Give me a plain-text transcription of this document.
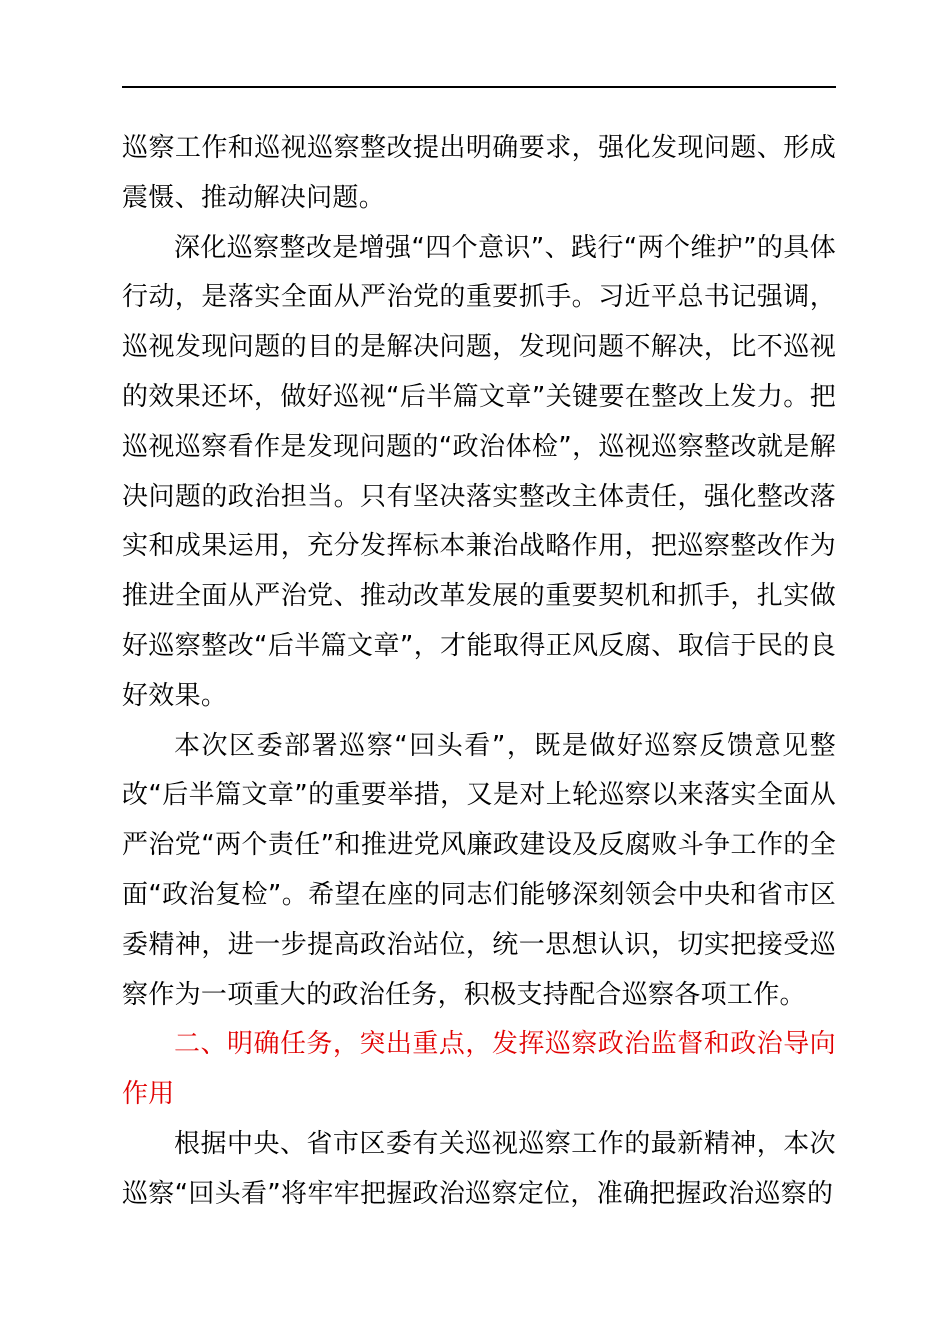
巡察工作和巡视巡察整改提出明确要求，强化发现问题、形成震慑、推动解决问题。

深化巡察整改是增强“四个意识”、践行“两个维护”的具体行动，是落实全面从严治党的重要抓手。习近平总书记强调，巡视发现问题的目的是解决问题，发现问题不解决，比不巡视的效果还坏，做好巡视“后半篇文章”关键要在整改上发力。把巡视巡察看作是发现问题的“政治体检”，巡视巡察整改就是解决问题的政治担当。只有坚决落实整改主体责任，强化整改落实和成果运用，充分发挥标本兼治战略作用，把巡察整改作为推进全面从严治党、推动改革发展的重要契机和抓手，扎实做好巡察整改“后半篇文章”，才能取得正风反腐、取信于民的良好效果。

本次区委部署巡察“回头看”，既是做好巡察反馈意见整改“后半篇文章”的重要举措，又是对上轮巡察以来落实全面从严治党“两个责任”和推进党风廉政建设及反腐败斗争工作的全面“政治复检”。希望在座的同志们能够深刻领会中央和省市区委精神，进一步提高政治站位，统一思想认识，切实把接受巡察作为一项重大的政治任务，积极支持配合巡察各项工作。

二、明确任务，突出重点，发挥巡察政治监督和政治导向作用

根据中央、省市区委有关巡视巡察工作的最新精神，本次巡察“回头看”将牢牢把握政治巡察定位，准确把握政治巡察的
